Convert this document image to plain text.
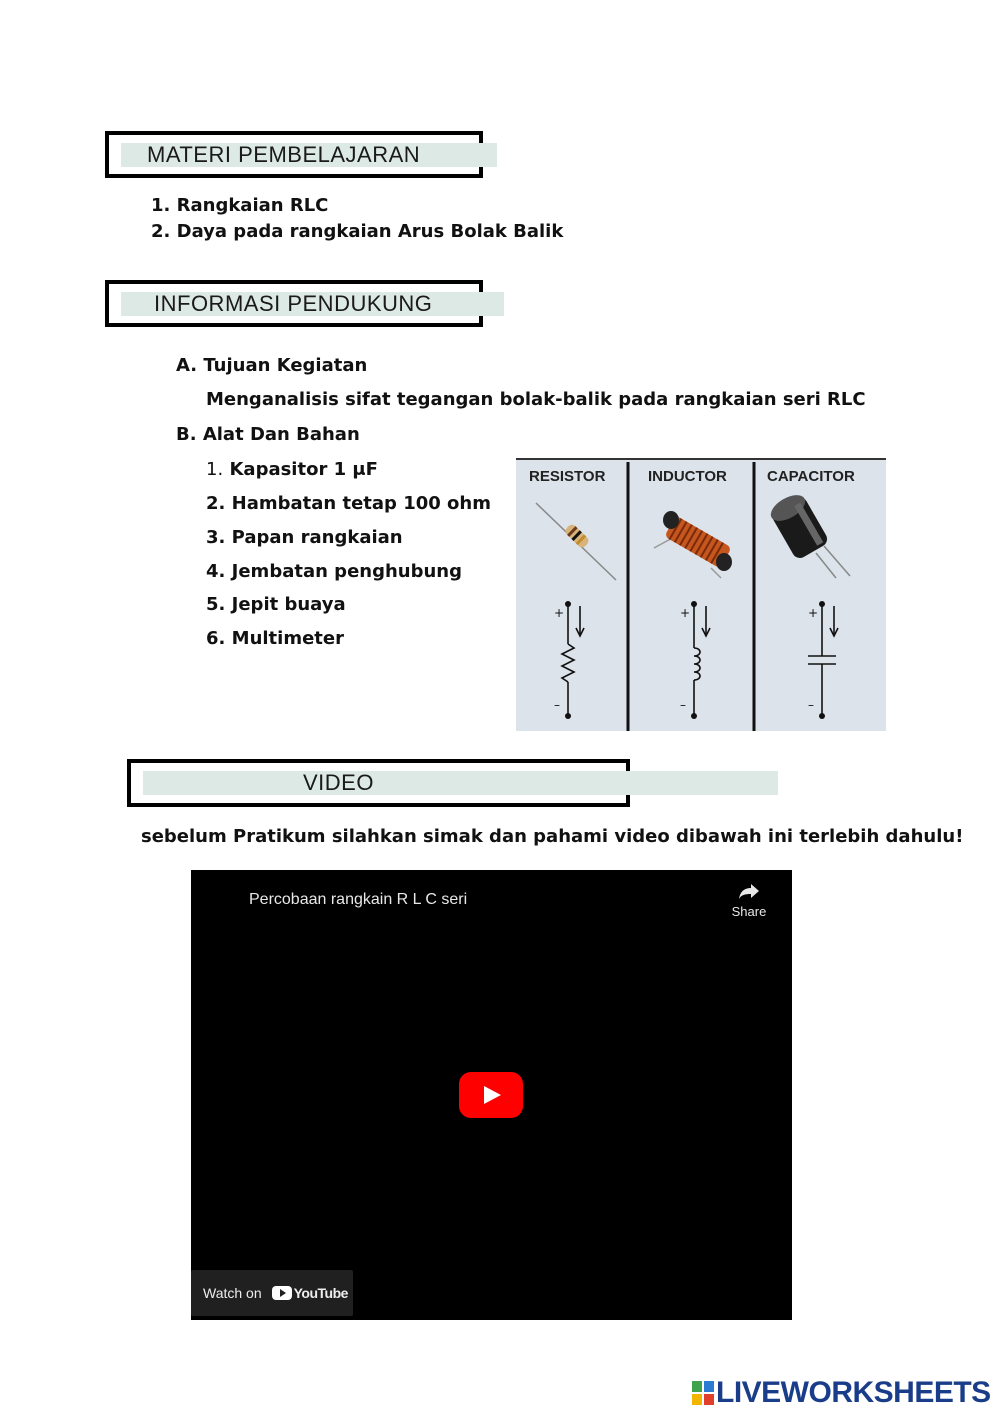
MATERI PEMBELAJARAN
1. Rangkaian RLC
2. Daya pada rangkaian Arus Bolak Balik
INFORMASI PENDUKUNG
A. Tujuan Kegiatan
Menganalisis sifat tegangan bolak-balik pada rangkaian seri RLC
B. Alat Dan Bahan
1. Kapasitor 1 μF
2. Hambatan tetap 100 ohm
3. Papan rangkaian
4. Jembatan penghubung
5. Jepit buaya
6. Multimeter
RESISTOR	INDUCTOR	CAPACITOR
+
–
+
–
+
–
VIDEO
sebelum Pratikum silahkan simak dan pahami video dibawah ini terlebih dahulu!
Percobaan rangkain R L C seri
Share
Watch on YouTube
LIVEWORKSHEETS
